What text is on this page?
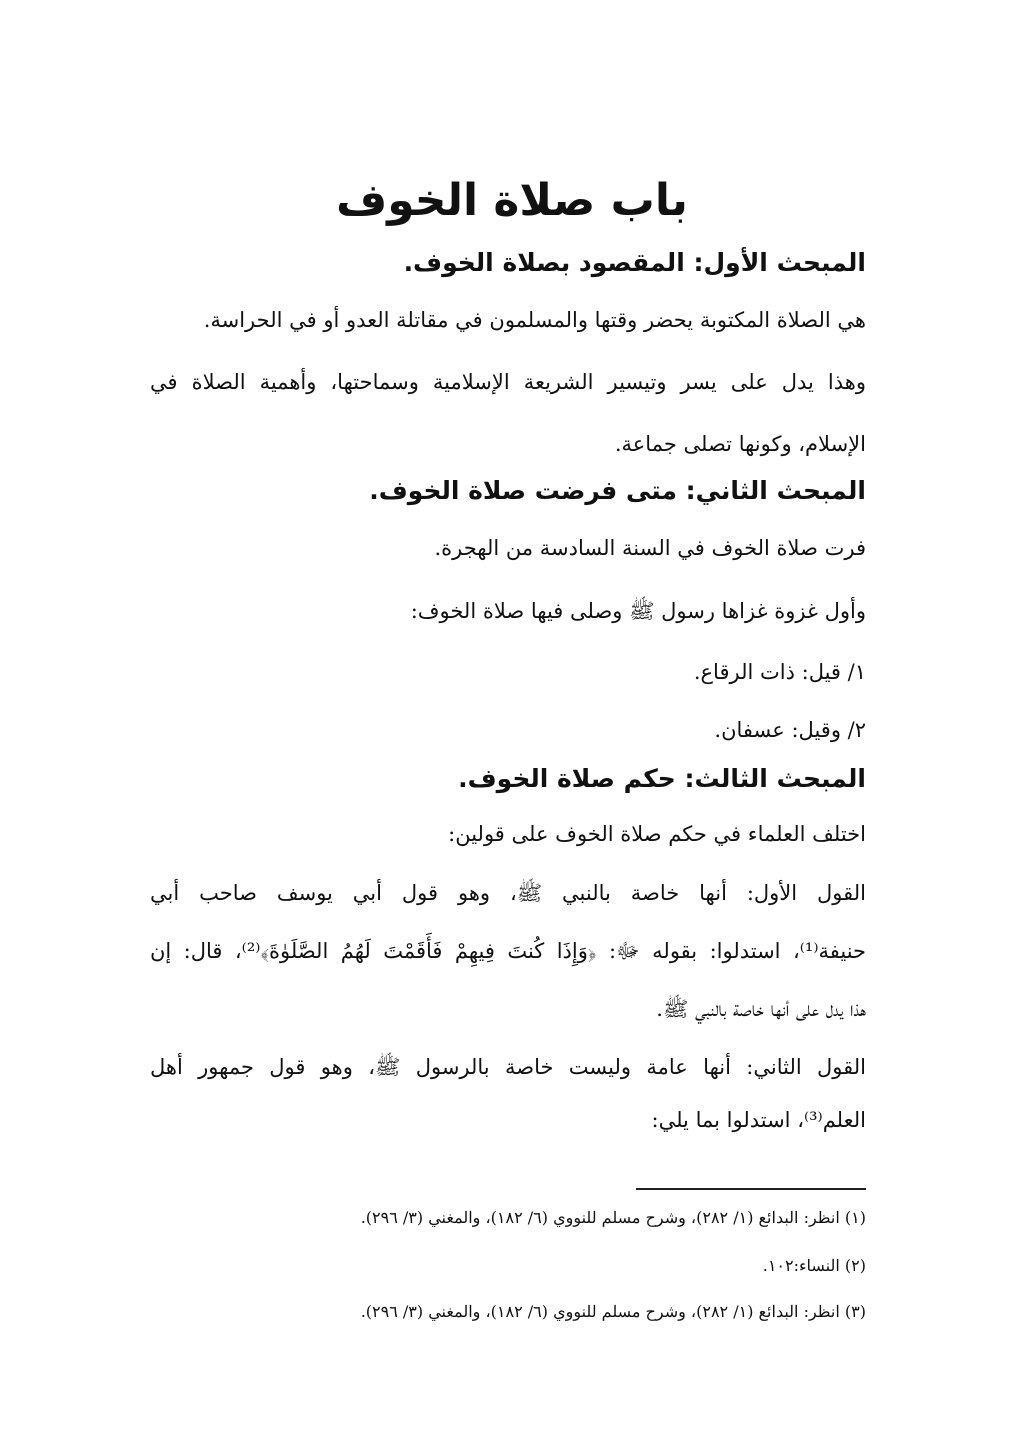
باب صلاة الخوف
المبحث الأول: المقصود بصلاة الخوف.
هي الصلاة المكتوبة يحضر وقتها والمسلمون في مقاتلة العدو أو في الحراسة.
وهذا يدل على يسر وتيسير الشريعة الإسلامية وسماحتها، وأهمية الصلاة في
الإسلام، وكونها تصلى جماعة.
المبحث الثاني: متى فرضت صلاة الخوف.
فرت صلاة الخوف في السنة السادسة من الهجرة.
وأول غزوة غزاها رسول ﷺ وصلى فيها صلاة الخوف:
١/ قيل: ذات الرقاع.
٢/ وقيل: عسفان.
المبحث الثالث: حكم صلاة الخوف.
اختلف العلماء في حكم صلاة الخوف على قولين:
القول الأول: أنها خاصة بالنبي ﷺ، وهو قول أبي يوسف صاحب أبي
حنيفة⁽¹⁾، استدلوا: بقوله ﷻ: ﴿وَإِذَا كُنتَ فِيهِمْ فَأَقَمْتَ لَهُمُ الصَّلَوٰةَ﴾⁽²⁾، قال: إن
هذا يدل على أنها خاصة بالنبي ﷺ.
القول الثاني: أنها عامة وليست خاصة بالرسول ﷺ، وهو قول جمهور أهل
العلم⁽³⁾، استدلوا بما يلي:
(١) انظر: البدائع (١/ ٢٨٢)، وشرح مسلم للنووي (٦/ ١٨٢)، والمغني (٣/ ٢٩٦).
(٢) النساء:١٠٢.
(٣) انظر: البدائع (١/ ٢٨٢)، وشرح مسلم للنووي (٦/ ١٨٢)، والمغني (٣/ ٢٩٦).
